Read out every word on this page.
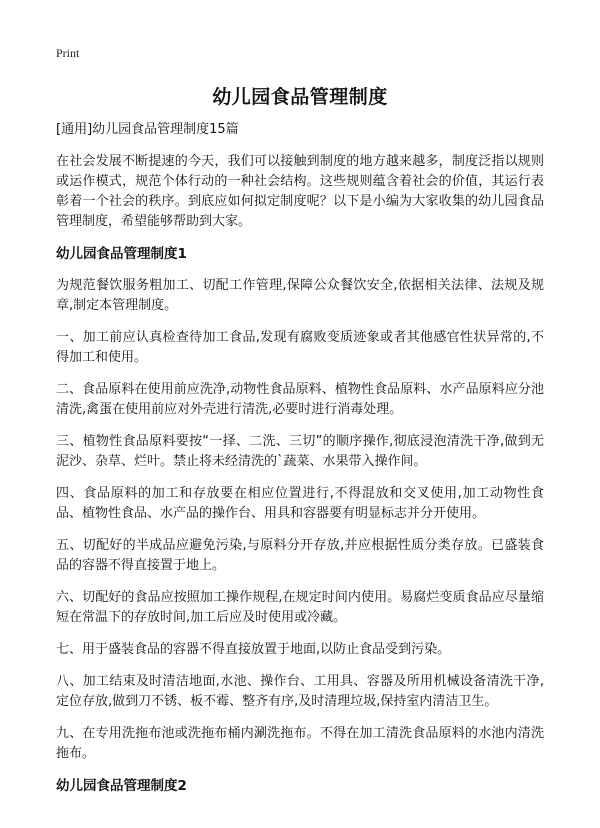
Print
幼儿园食品管理制度

[通用]幼儿园食品管理制度15篇

在社会发展不断提速的今天，我们可以接触到制度的地方越来越多，制度泛指以规则或运作模式，规范个体行动的一种社会结构。这些规则蕴含着社会的价值，其运行表彰着一个社会的秩序。到底应如何拟定制度呢？以下是小编为大家收集的幼儿园食品管理制度，希望能够帮助到大家。

幼儿园食品管理制度1

为规范餐饮服务粗加工、切配工作管理,保障公众餐饮安全,依据相关法律、法规及规章,制定本管理制度。

一、加工前应认真检查待加工食品,发现有腐败变质迹象或者其他感官性状异常的,不得加工和使用。

二、食品原料在使用前应洗净,动物性食品原料、植物性食品原料、水产品原料应分池清洗,禽蛋在使用前应对外壳进行清洗,必要时进行消毒处理。

三、植物性食品原料要按“一择、二洗、三切”的顺序操作,彻底浸泡清洗干净,做到无泥沙、杂草、烂叶。禁止将未经清洗的`蔬菜、水果带入操作间。

四、食品原料的加工和存放要在相应位置进行,不得混放和交叉使用,加工动物性食品、植物性食品、水产品的操作台、用具和容器要有明显标志并分开使用。

五、切配好的半成品应避免污染,与原料分开存放,并应根据性质分类存放。已盛装食品的容器不得直接置于地上。

六、切配好的食品应按照加工操作规程,在规定时间内使用。易腐烂变质食品应尽量缩短在常温下的存放时间,加工后应及时使用或冷藏。

七、用于盛装食品的容器不得直接放置于地面,以防止食品受到污染。

八、加工结束及时清洁地面,水池、操作台、工用具、容器及所用机械设备清洗干净,定位存放,做到刀不锈、板不霉、整齐有序,及时清理垃圾,保持室内清洁卫生。

九、在专用洗拖布池或洗拖布桶内涮洗拖布。不得在加工清洗食品原料的水池内清洗拖布。

幼儿园食品管理制度2
